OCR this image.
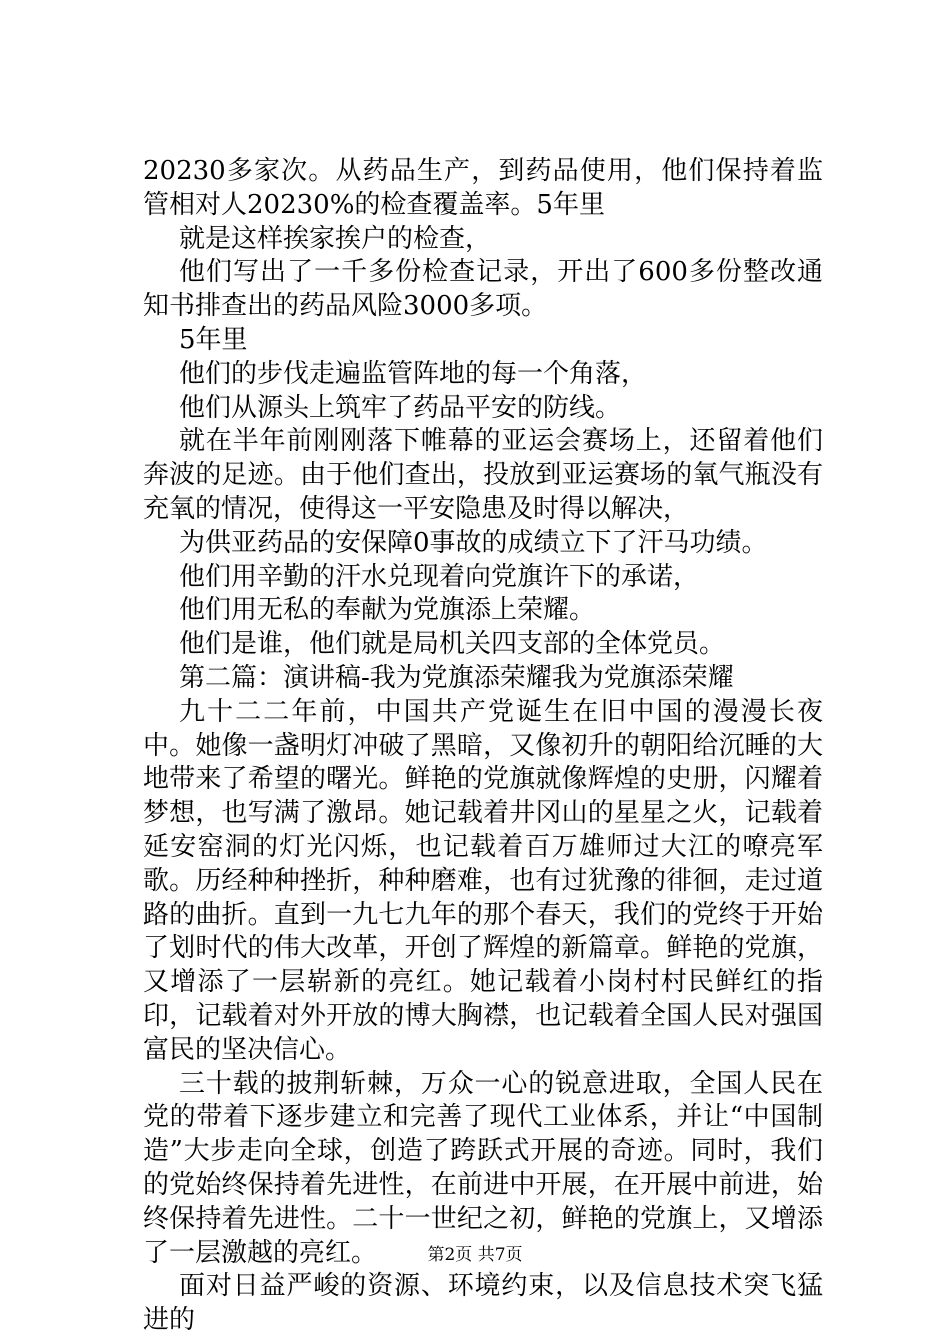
20230多家次。从药品生产，到药品使用，他们保持着监管相对人20230%的检查覆盖率。5年里

就是这样挨家挨户的检查，

他们写出了一千多份检查记录，开出了600多份整改通知书排查出的药品风险3000多项。

5年里

他们的步伐走遍监管阵地的每一个角落，

他们从源头上筑牢了药品平安的防线。

就在半年前刚刚落下帷幕的亚运会赛场上，还留着他们奔波的足迹。由于他们查出，投放到亚运赛场的氧气瓶没有充氧的情况，使得这一平安隐患及时得以解决，

为供亚药品的安保障0事故的成绩立下了汗马功绩。

他们用辛勤的汗水兑现着向党旗许下的承诺，

他们用无私的奉献为党旗添上荣耀。

他们是谁，他们就是局机关四支部的全体党员。

第二篇：演讲稿-我为党旗添荣耀我为党旗添荣耀

九十二二年前，中国共产党诞生在旧中国的漫漫长夜中。她像一盏明灯冲破了黑暗，又像初升的朝阳给沉睡的大地带来了希望的曙光。鲜艳的党旗就像辉煌的史册，闪耀着梦想，也写满了激昂。她记载着井冈山的星星之火，记载着延安窑洞的灯光闪烁，也记载着百万雄师过大江的嘹亮军歌。历经种种挫折，种种磨难，也有过犹豫的徘徊，走过道路的曲折。直到一九七九年的那个春天，我们的党终于开始了划时代的伟大改革，开创了辉煌的新篇章。鲜艳的党旗，又增添了一层崭新的亮红。她记载着小岗村村民鲜红的指印，记载着对外开放的博大胸襟，也记载着全国人民对强国富民的坚决信心。

三十载的披荆斩棘，万众一心的锐意进取，全国人民在党的带着下逐步建立和完善了现代工业体系，并让“中国制造”大步走向全球，创造了跨跃式开展的奇迹。同时，我们的党始终保持着先进性，在前进中开展，在开展中前进，始终保持着先进性。二十一世纪之初，鲜艳的党旗上，又增添了一层激越的亮红。

面对日益严峻的资源、环境约束，以及信息技术突飞猛进的

第2页 共7页
